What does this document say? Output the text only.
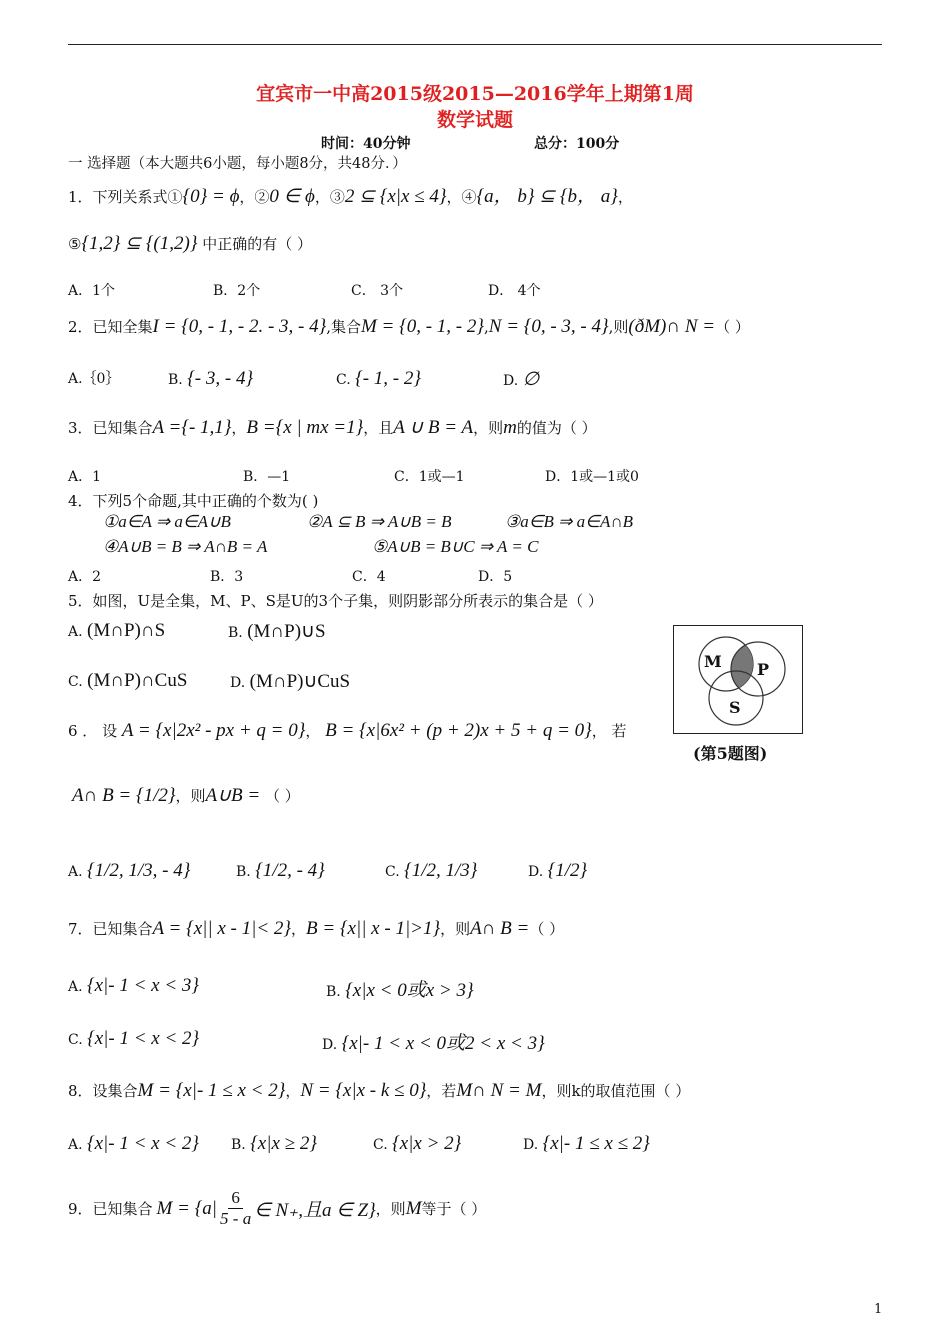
宜宾市一中高2015级2015—2016学年上期第1周
数学试题
时间：40分钟	总分：100分
一 选择题（本大题共6小题，每小题8分，共48分．）
1．下列关系式①{0} = ϕ，②0 ∈ ϕ，③2 ⊆ {x|x ≤ 4}，④{a， b} ⊆ {b， a}，
⑤{1,2} ⊆ {(1,2)} 中正确的有（ ）
A．1个	B．2个	C． 3个	D． 4个
2．已知全集I = {0, - 1, - 2. - 3, - 4},集合M = {0, - 1, - 2},N = {0, - 3, - 4},则(ðM)∩ N =（ ）
A.｛0｝	B. {- 3, - 4}	C. {- 1, - 2}	D. ∅
3．已知集合A ={- 1,1}，B ={x | mx =1}，且A ∪ B = A，则m的值为（ ）
A．1	B．—1	C．1或—1	D．1或—1或0
4．下列5个命题,其中正确的个数为( )
①a∈A ⇒ a∈A∪B	②A ⊆ B ⇒ A∪B = B	③a∈B ⇒ a∈A∩B
④A∪B = B ⇒ A∩B = A	⑤A∪B = B∪C ⇒ A = C
A．2	B．3	C．4	D．5
5．如图，U是全集，M、P、S是U的3个子集，则阴影部分所表示的集合是（ ）
A. (M∩P)∩S	B. (M∩P)∪S
C. (M∩P)∩CuS	D. (M∩P)∪CuS
M P
S
(第5题图)
6 ． 设 A = {x|2x² - px + q = 0}， B = {x|6x² + (p + 2)x + 5 + q = 0}， 若
A∩ B = {1/2}，则A∪B = （ ）
A. {1/2, 1/3, - 4}	B. {1/2, - 4}	C. {1/2, 1/3}	D. {1/2}
7．已知集合A = {x|| x - 1|< 2}，B = {x|| x - 1|>1}，则A∩ B =（ ）
A. {x|- 1 < x < 3}	B. {x|x < 0或x > 3}
C. {x|- 1 < x < 2}	D. {x|- 1 < x < 0或2 < x < 3}
8．设集合M = {x|- 1 ≤ x < 2}，N = {x|x - k ≤ 0}，若M∩ N = M，则k的取值范围（ ）
A. {x|- 1 < x < 2} B. {x|x ≥ 2}	C. {x|x > 2}	D. {x|- 1 ≤ x ≤ 2}
9．已知集合 $M = \{a| \frac{6}{5 - a}$ ∈ N₊,且a ∈ Z} ，则 M 等于（ ）
1
